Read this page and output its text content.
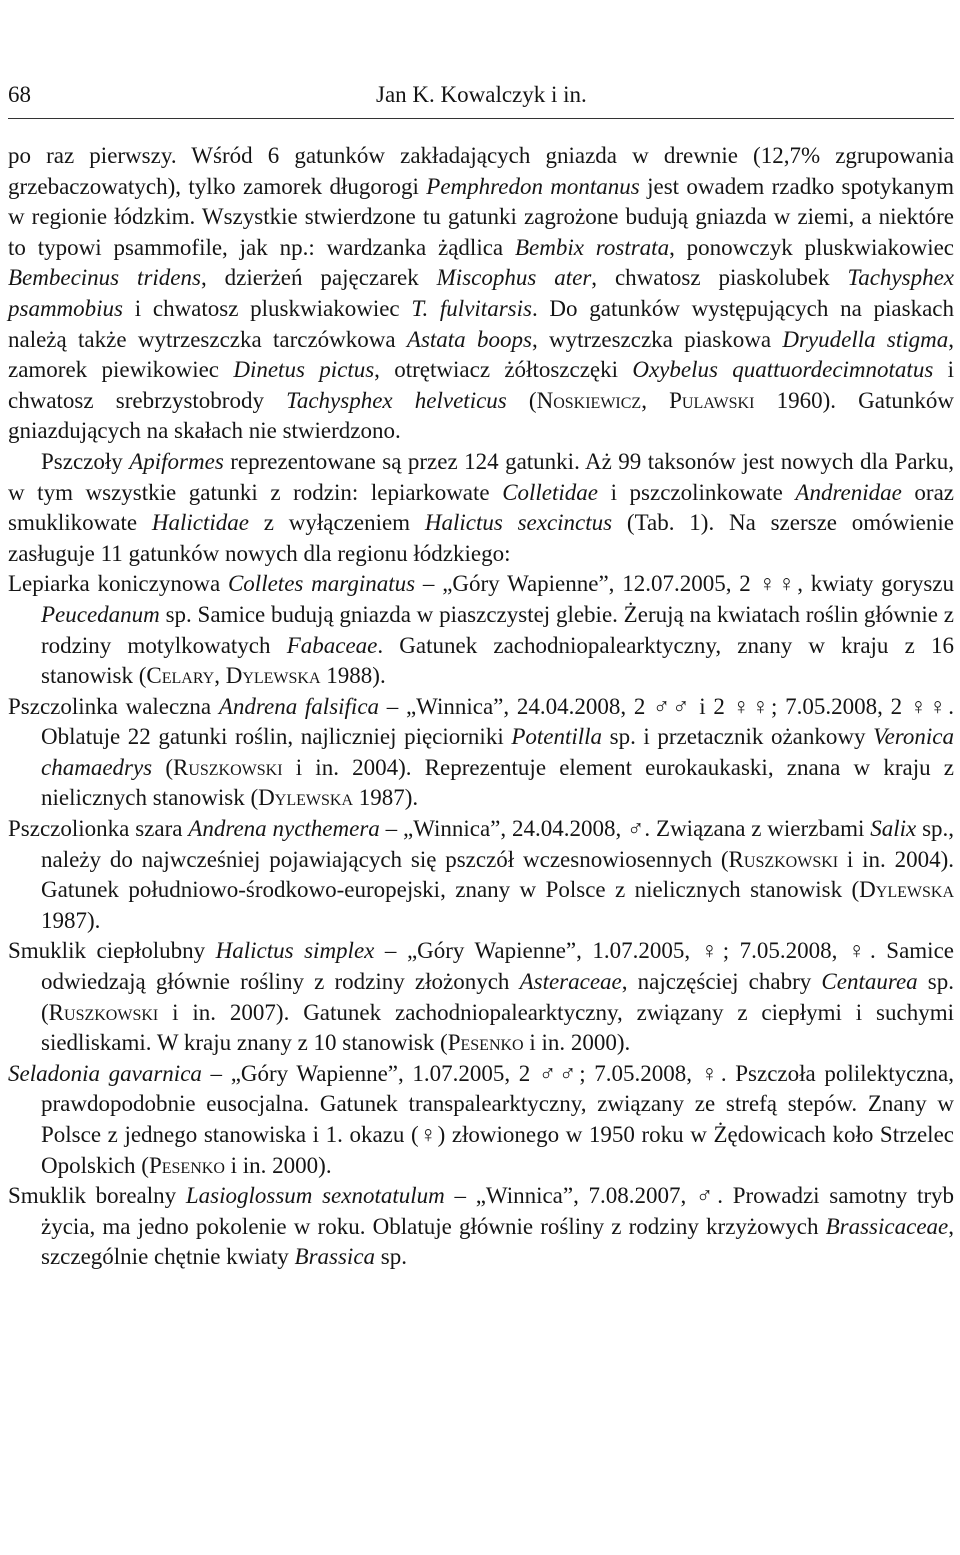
68	Jan K. Kowalczyk i in.

po raz pierwszy. Wśród 6 gatunków zakładających gniazda w drewnie (12,7% zgrupowania grzebaczowatych), tylko zamorek długorogi Pemphredon montanus jest owadem rzadko spotykanym w regionie łódzkim. Wszystkie stwierdzone tu gatunki zagrożone budują gniazda w ziemi, a niektóre to typowi psammofile, jak np.: wardzanka żądlica Bembix rostrata, ponowczyk pluskwiakowiec Bembecinus tridens, dzierżeń pajęczarek Miscophus ater, chwatosz piaskolubek Tachysphex psammobius i chwatosz pluskwiakowiec T. fulvitarsis. Do gatunków występujących na piaskach należą także wytrzeszczka tarczówkowa Astata boops, wytrzeszczka piaskowa Dryudella stigma, zamorek piewikowiec Dinetus pictus, otrętwiacz żółtoszczęki Oxybelus quattuordecimnotatus i chwatosz srebrzystobrody Tachysphex helveticus (Noskiewicz, Pulawski 1960). Gatunków gniazdujących na skałach nie stwierdzono.

Pszczoły Apiformes reprezentowane są przez 124 gatunki. Aż 99 taksonów jest nowych dla Parku, w tym wszystkie gatunki z rodzin: lepiarkowate Colletidae i pszczolinkowate Andrenidae oraz smuklikowate Halictidae z wyłączeniem Halictus sexcinctus (Tab. 1). Na szersze omówienie zasługuje 11 gatunków nowych dla regionu łódzkiego:

Lepiarka koniczynowa Colletes marginatus – „Góry Wapienne”, 12.07.2005, 2 ♀♀, kwiaty goryszu Peucedanum sp. Samice budują gniazda w piaszczystej glebie. Żerują na kwiatach roślin głównie z rodziny motylkowatych Fabaceae. Gatunek zachodniopalearktyczny, znany w kraju z 16 stanowisk (Celary, Dylewska 1988).

Pszczolinka waleczna Andrena falsifica – „Winnica”, 24.04.2008, 2 ♂♂ i 2 ♀♀; 7.05.2008, 2 ♀♀. Oblatuje 22 gatunki roślin, najliczniej pięciorniki Potentilla sp. i przetacznik ożankowy Veronica chamaedrys (Ruszkowski i in. 2004). Reprezentuje element eurokaukaski, znana w kraju z nielicznych stanowisk (Dylewska 1987).

Pszczolionka szara Andrena nycthemera – „Winnica”, 24.04.2008, ♂. Związana z wierzbami Salix sp., należy do najwcześniej pojawiających się pszczół wczesnowiosennych (Ruszkowski i in. 2004). Gatunek południowo-środkowo-europejski, znany w Polsce z nielicznych stanowisk (Dylewska 1987).

Smuklik ciepłolubny Halictus simplex – „Góry Wapienne”, 1.07.2005, ♀; 7.05.2008, ♀. Samice odwiedzają głównie rośliny z rodziny złożonych Asteraceae, najczęściej chabry Centaurea sp. (Ruszkowski i in. 2007). Gatunek zachodniopalearktyczny, związany z ciepłymi i suchymi siedliskami. W kraju znany z 10 stanowisk (Pesenko i in. 2000).

Seladonia gavarnica – „Góry Wapienne”, 1.07.2005, 2 ♂♂; 7.05.2008, ♀. Pszczoła polilektyczna, prawdopodobnie eusocjalna. Gatunek transpalearktyczny, związany ze strefą stepów. Znany w Polsce z jednego stanowiska i 1. okazu (♀) złowionego w 1950 roku w Żędowicach koło Strzelec Opolskich (Pesenko i in. 2000).

Smuklik borealny Lasioglossum sexnotatulum – „Winnica”, 7.08.2007, ♂. Prowadzi samotny tryb życia, ma jedno pokolenie w roku. Oblatuje głównie rośliny z rodziny krzyżowych Brassicaceae, szczególnie chętnie kwiaty Brassica sp.
